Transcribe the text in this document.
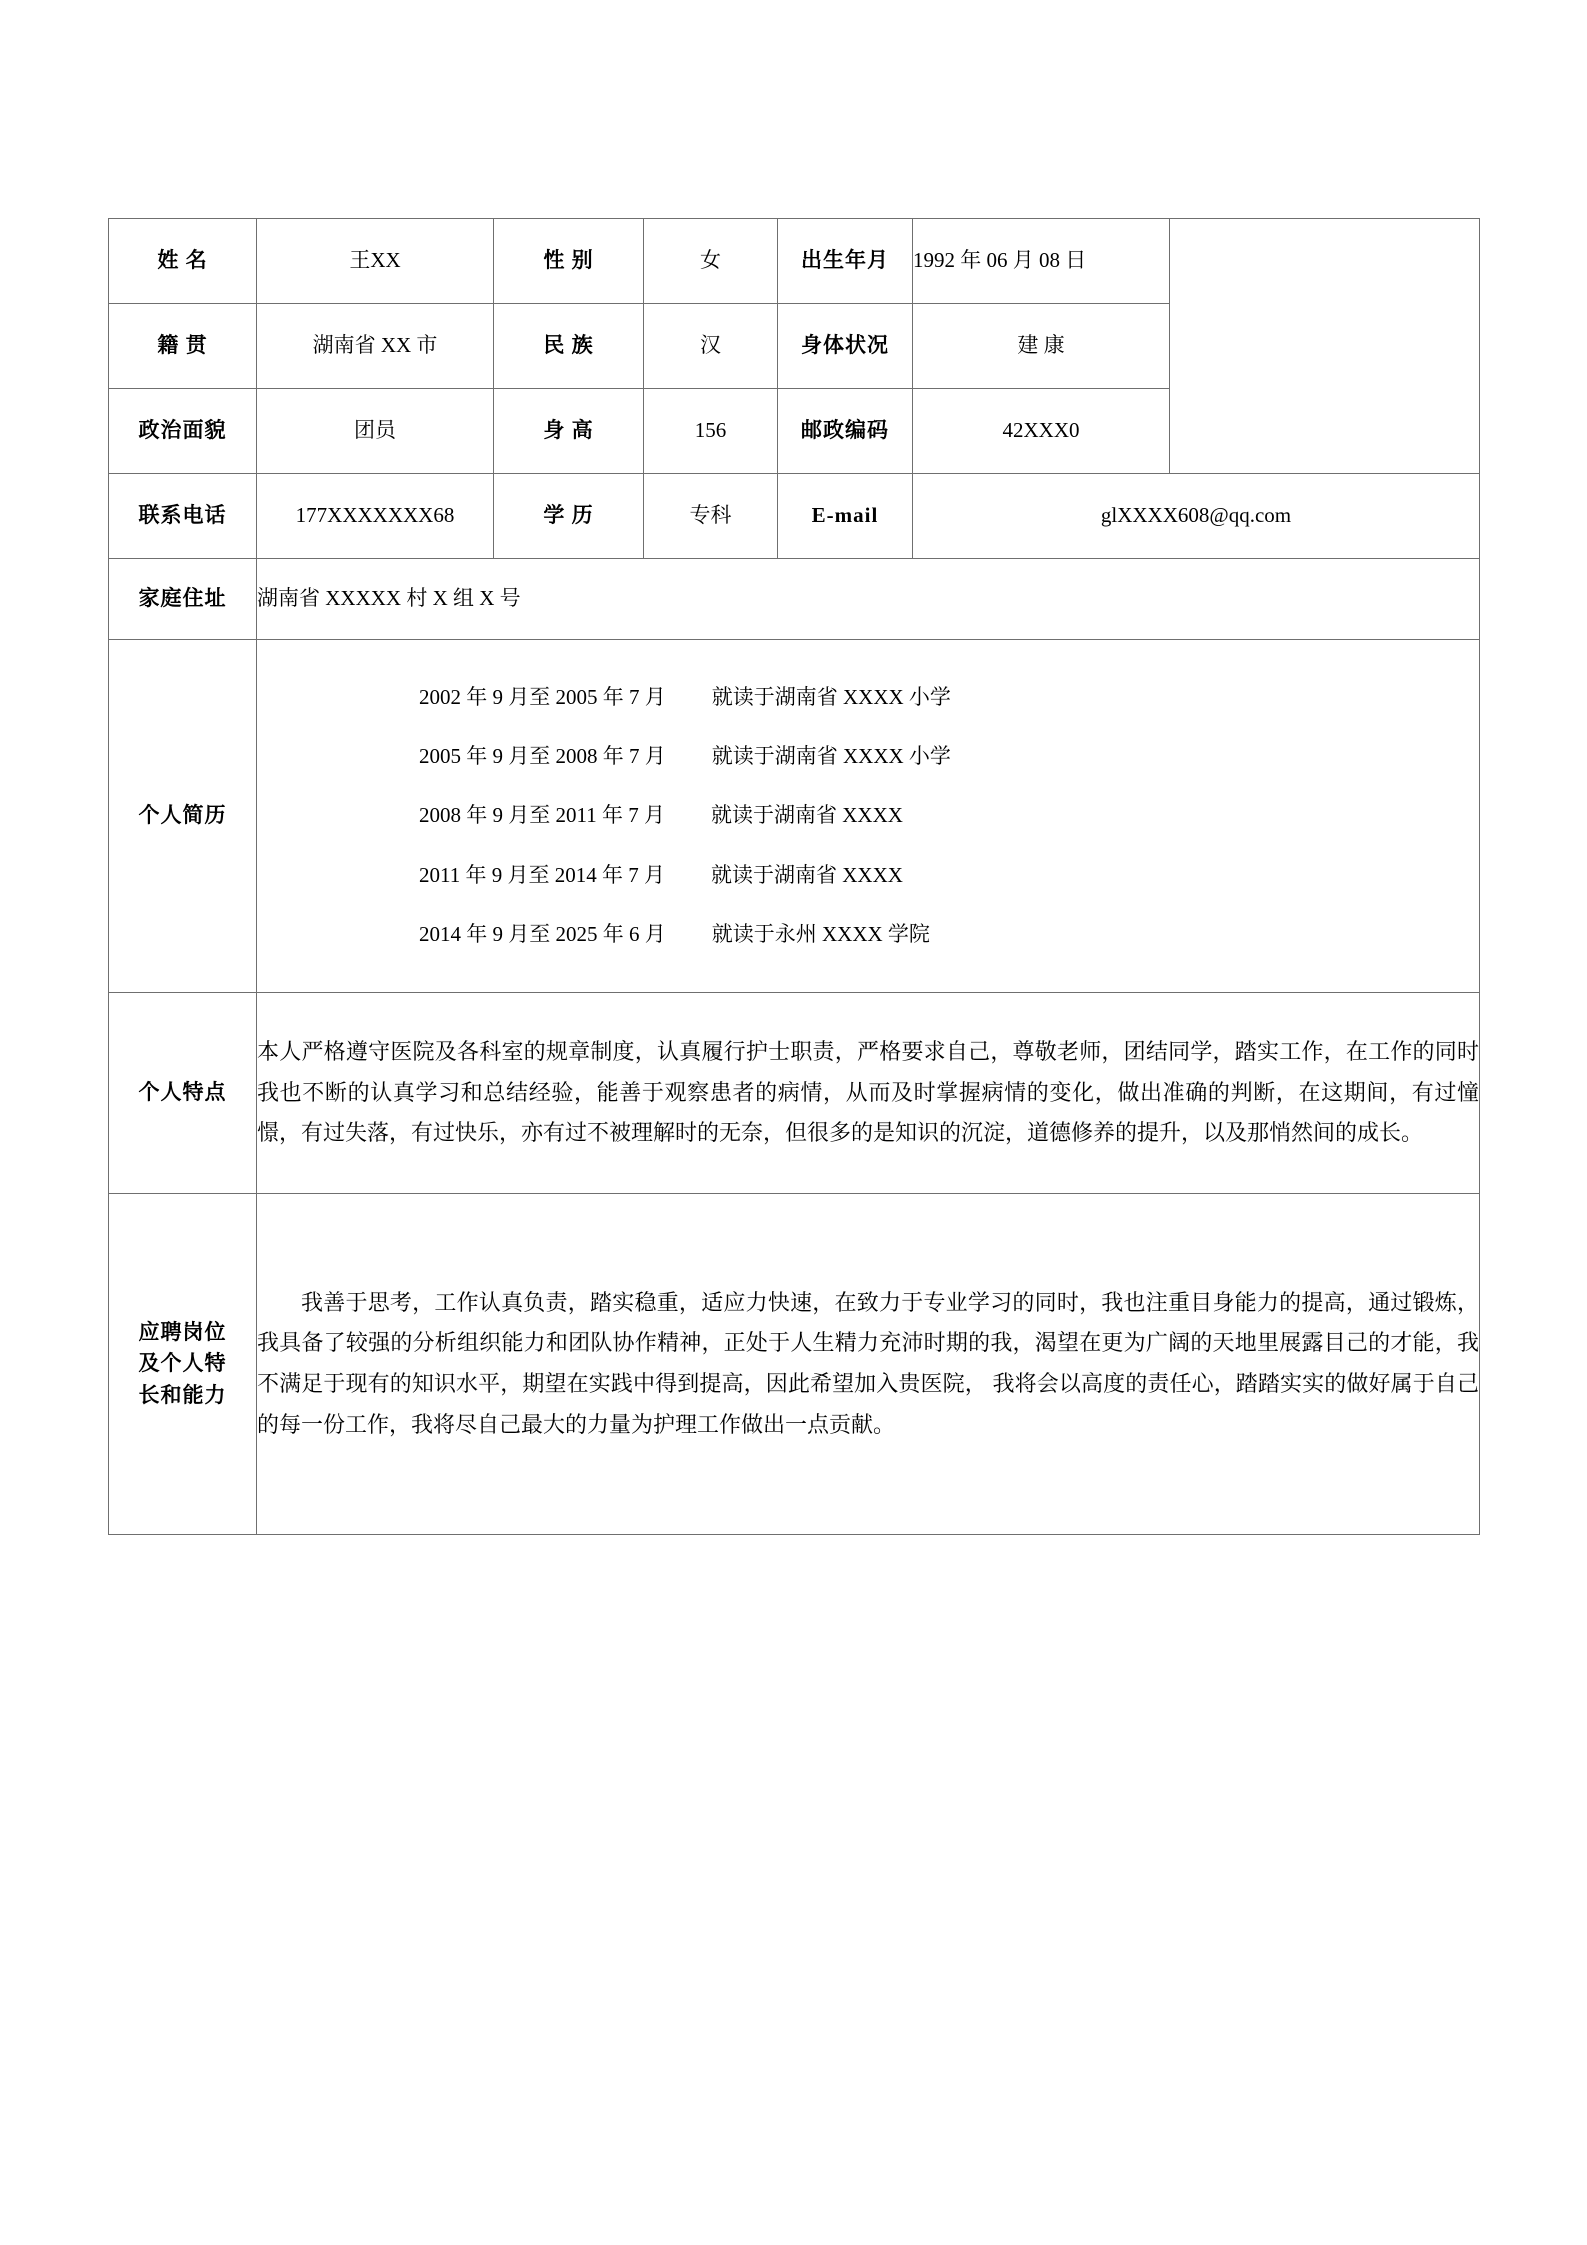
姓 名	王XX	性 别	女	出生年月	1992 年 06 月 08 日	
籍 贯	湖南省 XX 市	民 族	汉	身体状况	建 康	
政治面貌	团员	身 高	156	邮政编码	42XXX0	
联系电话	177XXXXXXX68	学 历	专科	E-mail	glXXXX608@qq.com	
家庭住址	湖南省 XXXXX 村 X 组 X 号					
个人简历	
2002 年 9 月至 2005 年 7 月 就读于湖南省 XXXX 小学
2005 年 9 月至 2008 年 7 月 就读于湖南省 XXXX 小学
2008 年 9 月至 2011 年 7 月 就读于湖南省 XXXX
2011 年 9 月至 2014 年 7 月 就读于湖南省 XXXX
2014 年 9 月至 2025 年 6 月 就读于永州 XXXX 学院

个人特点	本人严格遵守医院及各科室的规章制度，认真履行护士职责，严格要求自己，尊敬老师，团结同学，踏实工作，在工作的同时我也不断的认真学习和总结经验，能善于观察患者的病情，从而及时掌握病情的变化，做出准确的判断，在这期间，有过憧憬，有过失落，有过快乐，亦有过不被理解时的无奈，但很多的是知识的沉淀，道德修养的提升，以及那悄然间的成长。					

应聘岗位
及个人特
长和能力	我善于思考，工作认真负责，踏实稳重，适应力快速，在致力于专业学习的同时，我也注重目身能力的提高，通过锻炼，我具备了较强的分析组织能力和团队协作精神，正处于人生精力充沛时期的我，渴望在更为广阔的天地里展露目己的才能，我不满足于现有的知识水平，期望在实践中得到提高，因此希望加入贵医院， 我将会以高度的责任心，踏踏实实的做好属于自己的每一份工作，我将尽自己最大的力量为护理工作做出一点贡献。					
